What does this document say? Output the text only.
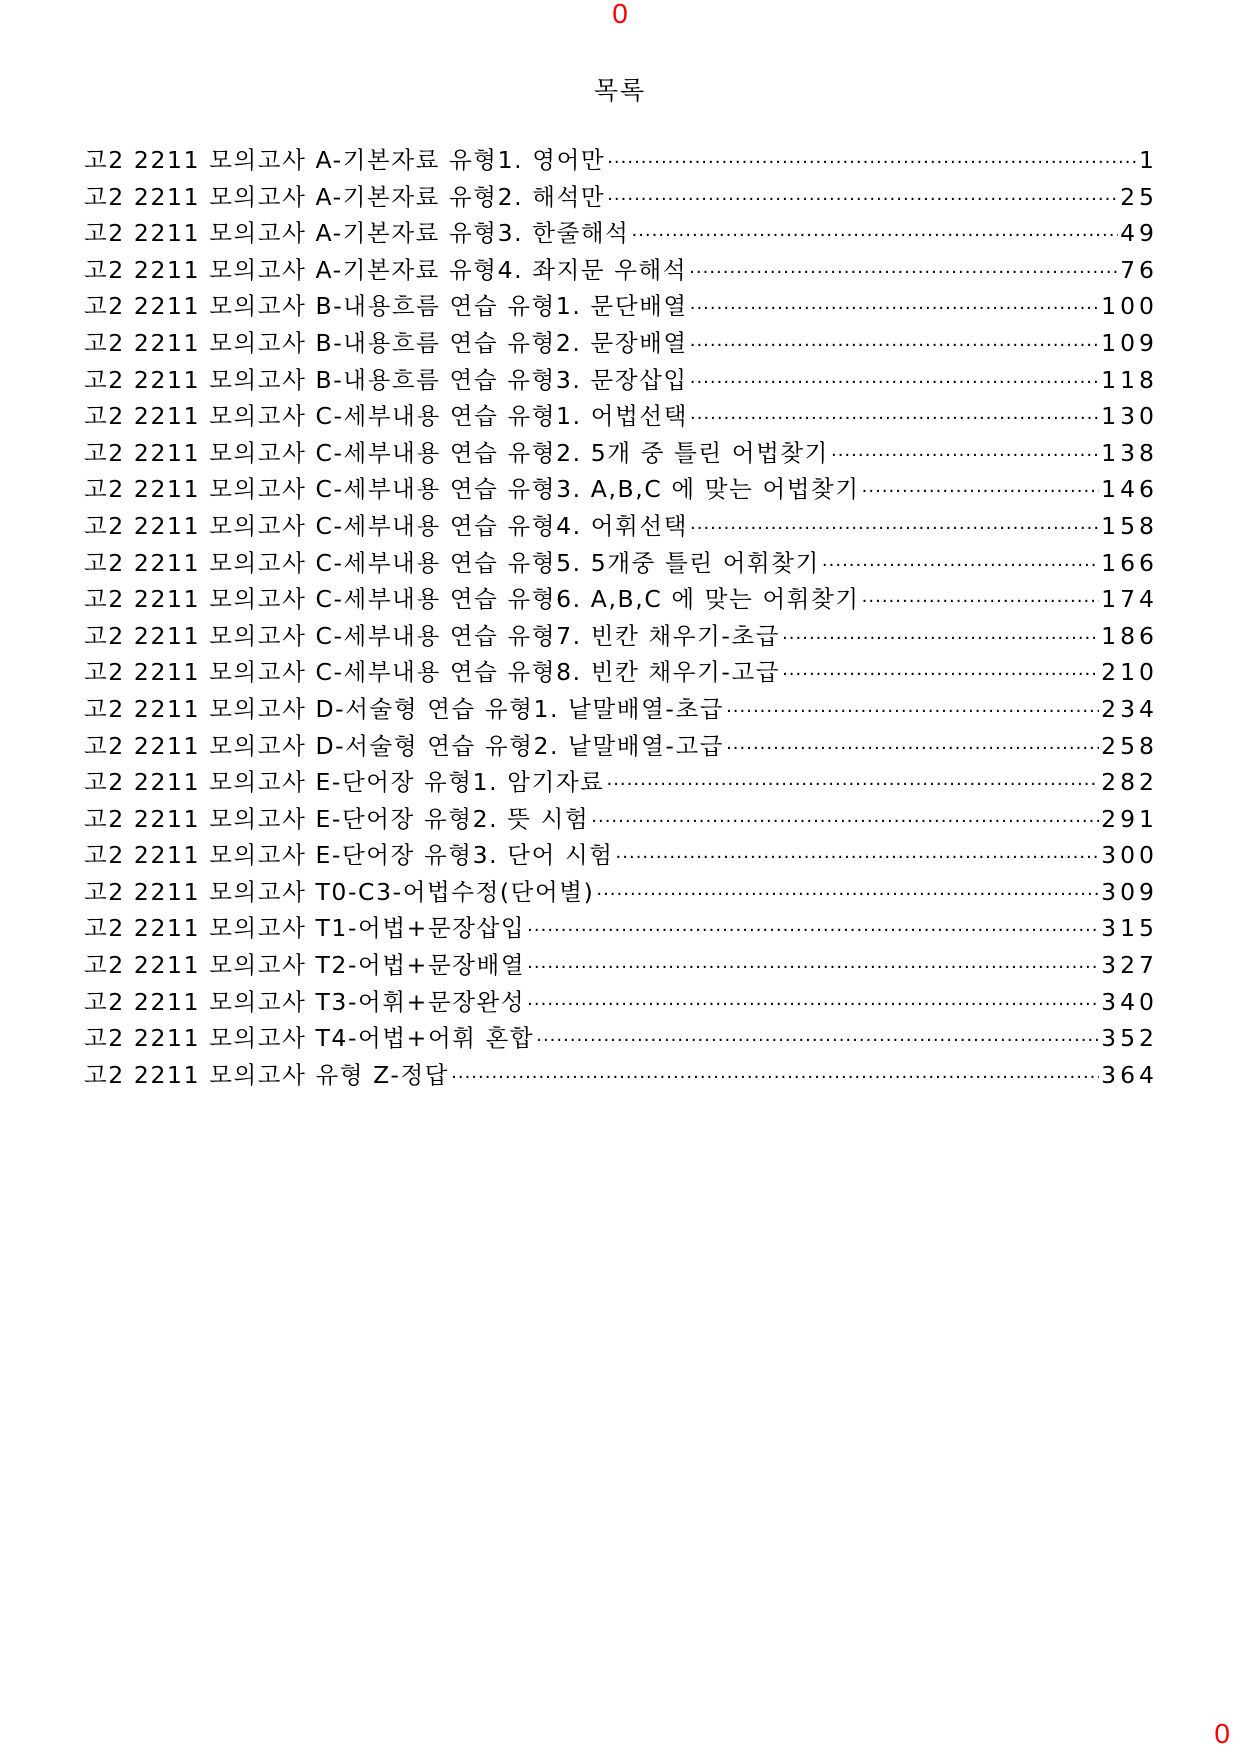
0
목록
고2 2211 모의고사 A-기본자료 유형1. 영어만 ·····	1
고2 2211 모의고사 A-기본자료 유형2. 해석만 ·····	25
고2 2211 모의고사 A-기본자료 유형3. 한줄해석 ·····	49
고2 2211 모의고사 A-기본자료 유형4. 좌지문 우해석 ·····	76
고2 2211 모의고사 B-내용흐름 연습 유형1. 문단배열 ·····	100
고2 2211 모의고사 B-내용흐름 연습 유형2. 문장배열 ·····	109
고2 2211 모의고사 B-내용흐름 연습 유형3. 문장삽입 ·····	118
고2 2211 모의고사 C-세부내용 연습 유형1. 어법선택 ·····	130
고2 2211 모의고사 C-세부내용 연습 유형2. 5개 중 틀린 어법찾기 ·····	138
고2 2211 모의고사 C-세부내용 연습 유형3. A,B,C 에 맞는 어법찾기 ·····	146
고2 2211 모의고사 C-세부내용 연습 유형4. 어휘선택 ·····	158
고2 2211 모의고사 C-세부내용 연습 유형5. 5개중 틀린 어휘찾기 ·····	166
고2 2211 모의고사 C-세부내용 연습 유형6. A,B,C 에 맞는 어휘찾기 ·····	174
고2 2211 모의고사 C-세부내용 연습 유형7. 빈칸 채우기-초급 ·····	186
고2 2211 모의고사 C-세부내용 연습 유형8. 빈칸 채우기-고급 ·····	210
고2 2211 모의고사 D-서술형 연습 유형1. 낱말배열-초급 ·····	234
고2 2211 모의고사 D-서술형 연습 유형2. 낱말배열-고급 ·····	258
고2 2211 모의고사 E-단어장 유형1. 암기자료 ·····	282
고2 2211 모의고사 E-단어장 유형2. 뜻 시험 ·····	291
고2 2211 모의고사 E-단어장 유형3. 단어 시험 ·····	300
고2 2211 모의고사 T0-C3-어법수정(단어별) ·····	309
고2 2211 모의고사 T1-어법+문장삽입 ·····	315
고2 2211 모의고사 T2-어법+문장배열 ·····	327
고2 2211 모의고사 T3-어휘+문장완성 ·····	340
고2 2211 모의고사 T4-어법+어휘 혼합 ·····	352
고2 2211 모의고사 유형 Z-정답 ·····	364
0
